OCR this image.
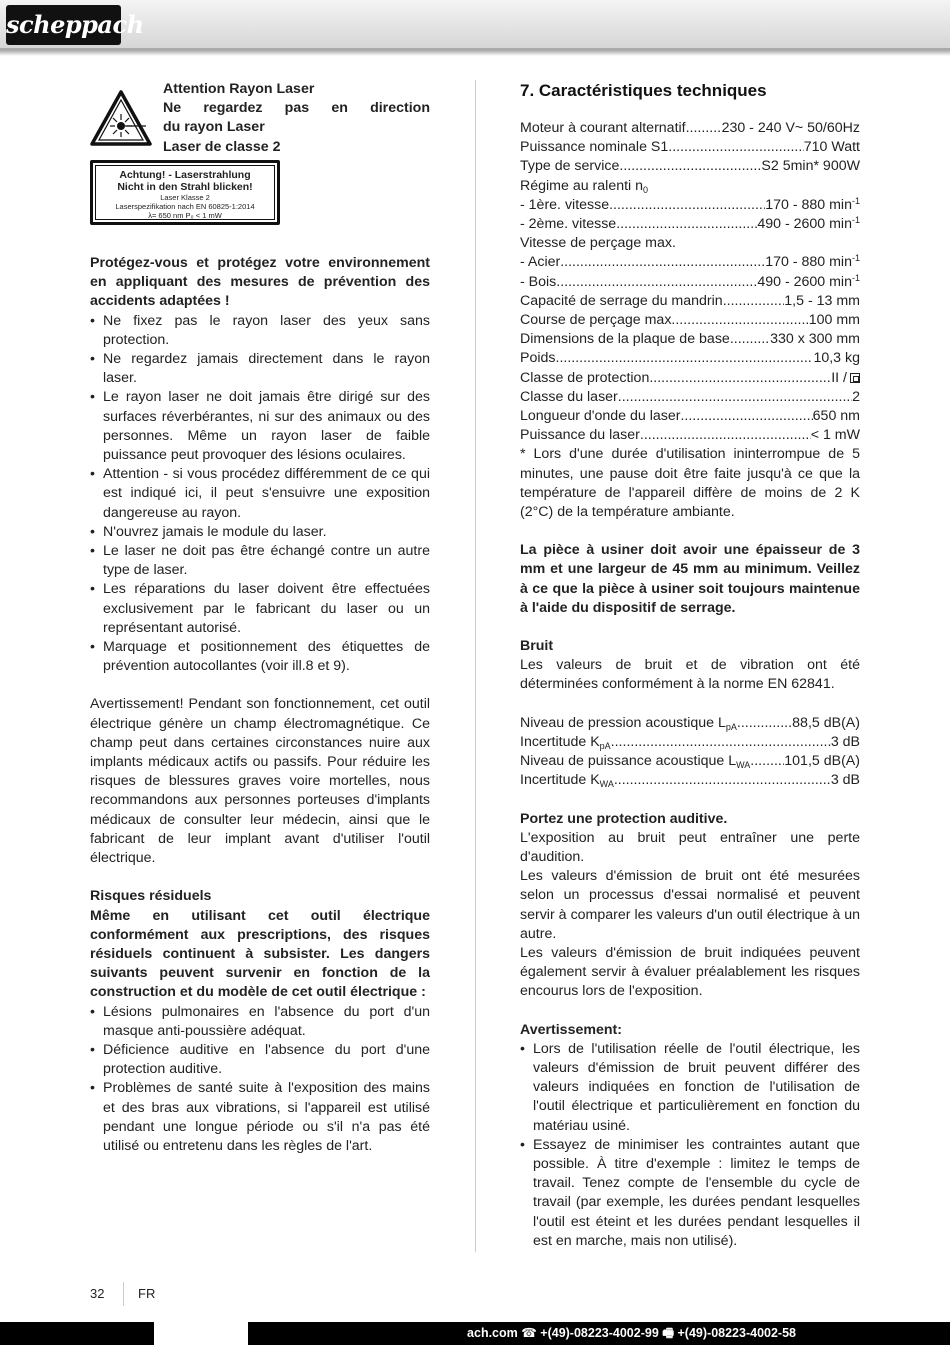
scheppach
Attention Rayon Laser
Ne regardez pas en direction
du rayon Laser
Laser de classe 2
Achtung! - Laserstrahlung
Nicht in den Strahl blicken!
Laser Klasse 2
Laserspezifikation nach EN 60825-1:2014
λ= 650 nm P₀ < 1 mW

Protégez-vous et protégez votre environnement en appliquant des mesures de prévention des accidents adaptées !

• Ne fixez pas le rayon laser des yeux sans protection.
• Ne regardez jamais directement dans le rayon laser.
• Le rayon laser ne doit jamais être dirigé sur des surfaces réverbérantes, ni sur des animaux ou des personnes. Même un rayon laser de faible puissance peut provoquer des lésions oculaires.
• Attention - si vous procédez différemment de ce qui est indiqué ici, il peut s'ensuivre une exposition dangereuse au rayon.
• N'ouvrez jamais le module du laser.
• Le laser ne doit pas être échangé contre un autre type de laser.
• Les réparations du laser doivent être effectuées exclusivement par le fabricant du laser ou un représentant autorisé.
• Marquage et positionnement des étiquettes de prévention autocollantes (voir ill.8 et 9).

Avertissement! Pendant son fonctionnement, cet outil électrique génère un champ électromagnétique. Ce champ peut dans certaines circonstances nuire aux implants médicaux actifs ou passifs. Pour réduire les risques de blessures graves voire mortelles, nous recommandons aux personnes porteuses d'implants médicaux de consulter leur médecin, ainsi que le fabricant de leur implant avant d'utiliser l'outil électrique.

Risques résiduels

Même en utilisant cet outil électrique conformément aux prescriptions, des risques résiduels continuent à subsister. Les dangers suivants peuvent survenir en fonction de la construction et du modèle de cet outil électrique :

• Lésions pulmonaires en l'absence du port d'un masque anti-poussière adéquat.
• Déficience auditive en l'absence du port d'une protection auditive.
• Problèmes de santé suite à l'exposition des mains et des bras aux vibrations, si l'appareil est utilisé pendant une longue période ou s'il n'a pas été utilisé ou entretenu dans les règles de l'art.
7. Caractéristiques techniques
Moteur à courant alternatif .....	230 - 240 V~ 50/60Hz
Puissance nominale S1 .....	710 Watt
Type de service .....	S2 5min* 900W
Régime au ralenti $n_0$
- 1ère. vitesse .....	170 - 880 $\min^{-1}$
- 2ème. vitesse .....	490 - 2600 $\min^{-1}$
Vitesse de perçage max.
- Acier .....	170 - 880 $\min^{-1}$
- Bois .....	490 - 2600 $\min^{-1}$
Capacité de serrage du mandrin .....	1,5 - 13 mm
Course de perçage max. .....	100 mm
Dimensions de la plaque de base .....	330 x 300 mm
Poids .....	10,3 kg
Classe de protection .....	II /
Classe du laser .....	2
Longueur d'onde du laser .....	650 nm
Puissance du laser .....	< 1 mW

* Lors d'une durée d'utilisation ininterrompue de 5 minutes, une pause doit être faite jusqu'à ce que la température de l'appareil diffère de moins de 2 K (2°C) de la température ambiante.

La pièce à usiner doit avoir une épaisseur de 3 mm et une largeur de 45 mm au minimum. Veillez à ce que la pièce à usiner soit toujours maintenue à l'aide du dispositif de serrage.

Bruit

Les valeurs de bruit et de vibration ont été déterminées conformément à la norme EN 62841.

Niveau de pression acoustique $L_{pA}$ .....	88,5 dB(A)
Incertitude $K_{pA}$ .....	3 dB
Niveau de puissance acoustique $L_{WA}$ ..... 101,5 dB(A)
Incertitude $K_{WA}$ .....	3 dB

Portez une protection auditive.

L'exposition au bruit peut entraîner une perte d'audition.

Les valeurs d'émission de bruit ont été mesurées selon un processus d'essai normalisé et peuvent servir à comparer les valeurs d'un outil électrique à un autre.

Les valeurs d'émission de bruit indiquées peuvent également servir à évaluer préalablement les risques encourus lors de l'exposition.

Avertissement:

• Lors de l'utilisation réelle de l'outil électrique, les valeurs d'émission de bruit peuvent différer des valeurs indiquées en fonction de l'utilisation de l'outil électrique et particulièrement en fonction du matériau usiné.
• Essayez de minimiser les contraintes autant que possible. À titre d'exemple : limitez le temps de travail. Tenez compte de l'ensemble du cycle de travail (par exemple, les durées pendant lesquelles l'outil est éteint et les durées pendant lesquelles il est en marche, mais non utilisé).
32	FR
ach.com ☎ +(49)-08223-4002-99 🖷 +(49)-08223-4002-58
